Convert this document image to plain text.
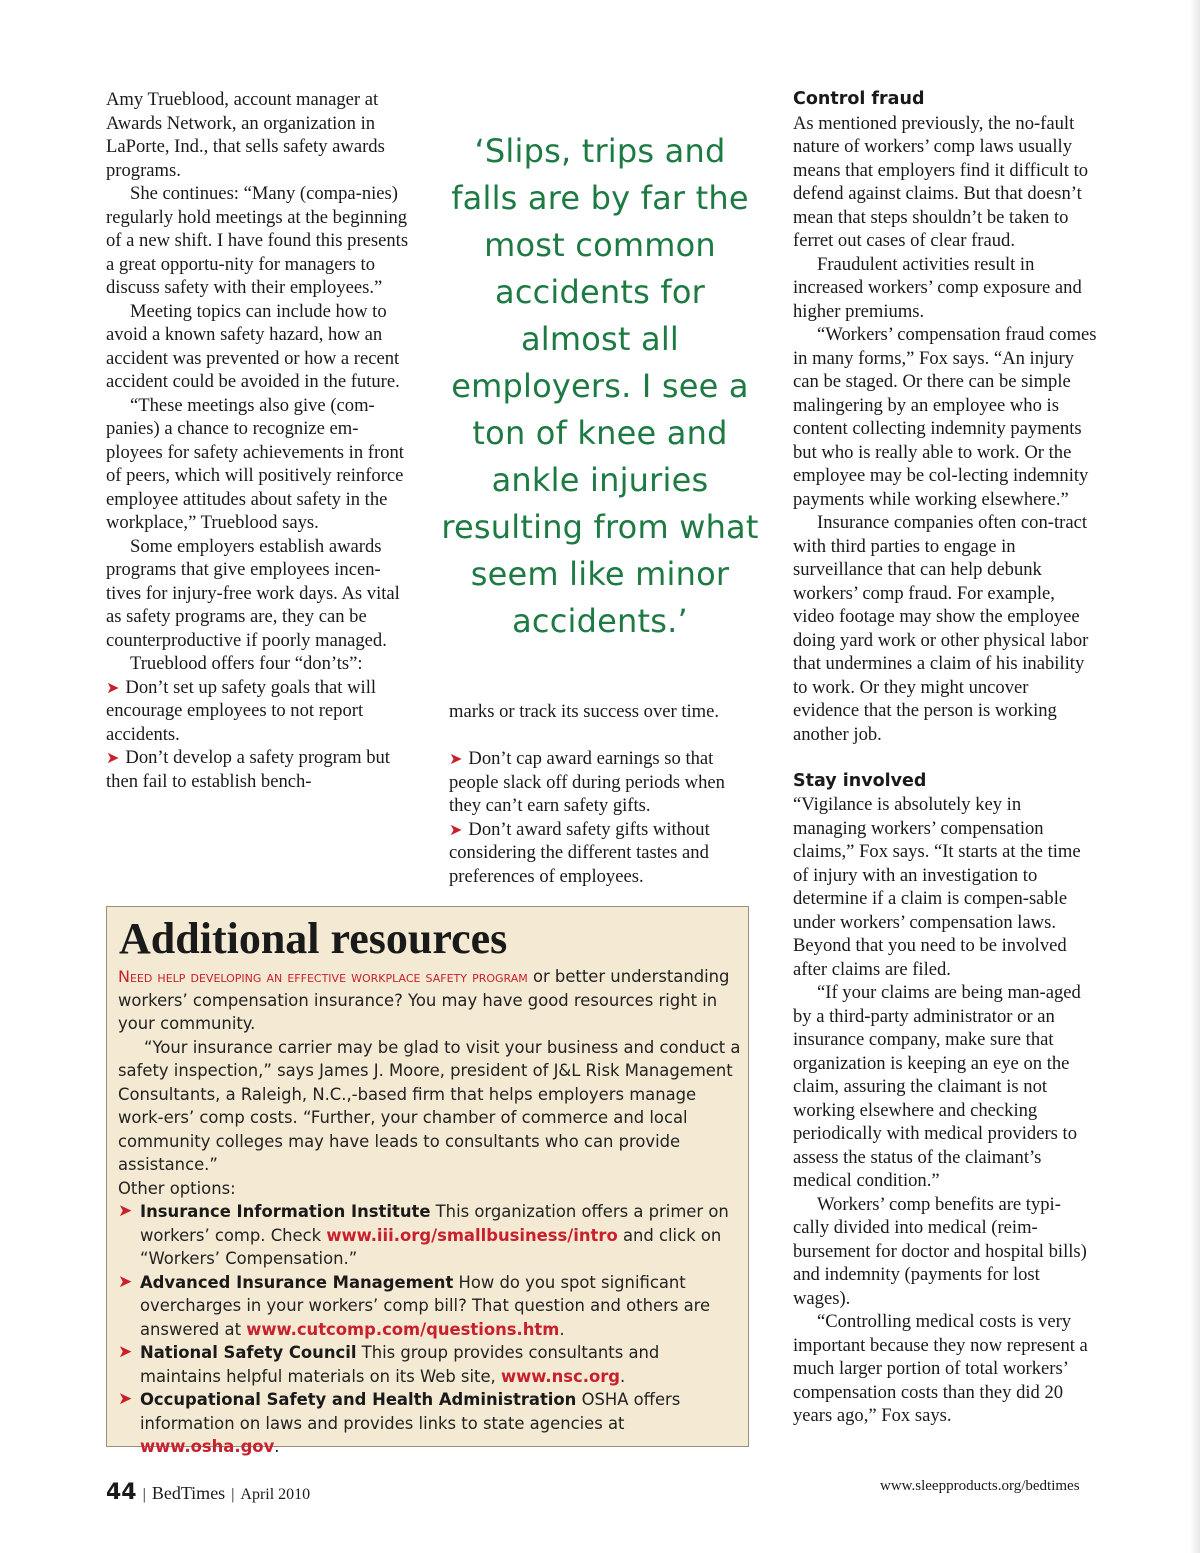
Amy Trueblood, account manager at Awards Network, an organization in LaPorte, Ind., that sells safety awards programs.

She continues: “Many (compa-nies) regularly hold meetings at the beginning of a new shift. I have found this presents a great opportu-nity for managers to discuss safety with their employees.”

Meeting topics can include how to avoid a known safety hazard, how an accident was prevented or how a recent accident could be avoided in the future.

“These meetings also give (com-panies) a chance to recognize em-ployees for safety achievements in front of peers, which will positively reinforce employee attitudes about safety in the workplace,” Trueblood says.

Some employers establish awards programs that give employees incen-tives for injury-free work days. As vital as safety programs are, they can be counterproductive if poorly managed.

Trueblood offers four “don’ts”:

➤ Don’t set up safety goals that will encourage employees to not report accidents.

➤ Don’t develop a safety program but then fail to establish bench-

‘Slips, trips and falls are by far the most common accidents for almost all employers. I see a ton of knee and ankle injuries resulting from what seem like minor accidents.’

marks or track its success over time.

➤ Don’t cap award earnings so that people slack off during periods when they can’t earn safety gifts.

➤ Don’t award safety gifts without considering the different tastes and preferences of employees.

Control fraud

As mentioned previously, the no-fault nature of workers’ comp laws usually means that employers find it difficult to defend against claims. But that doesn’t mean that steps shouldn’t be taken to ferret out cases of clear fraud.

Fraudulent activities result in increased workers’ comp exposure and higher premiums.

“Workers’ compensation fraud comes in many forms,” Fox says. “An injury can be staged. Or there can be simple malingering by an employee who is content collecting indemnity payments but who is really able to work. Or the employee may be col-lecting indemnity payments while working elsewhere.”

Insurance companies often con-tract with third parties to engage in surveillance that can help debunk workers’ comp fraud. For example, video footage may show the employee doing yard work or other physical labor that undermines a claim of his inability to work. Or they might uncover evidence that the person is working another job.

Stay involved

“Vigilance is absolutely key in managing workers’ compensation claims,” Fox says. “It starts at the time of injury with an investigation to determine if a claim is compen-sable under workers’ compensation laws. Beyond that you need to be involved after claims are filed.

“If your claims are being man-aged by a third-party administrator or an insurance company, make sure that organization is keeping an eye on the claim, assuring the claimant is not working elsewhere and checking periodically with medical providers to assess the status of the claimant’s medical condition.”

Workers’ comp benefits are typi-cally divided into medical (reim-bursement for doctor and hospital bills) and indemnity (payments for lost wages).

“Controlling medical costs is very important because they now represent a much larger portion of total workers’ compensation costs than they did 20 years ago,” Fox says.

Additional resources

Need help developing an effective workplace safety program or better understanding workers’ compensation insurance? You may have good resources right in your community.

“Your insurance carrier may be glad to visit your business and conduct a safety inspection,” says James J. Moore, president of J&L Risk Management Consultants, a Raleigh, N.C.,-based firm that helps employers manage work-ers’ comp costs. “Further, your chamber of commerce and local community colleges may have leads to consultants who can provide assistance.”

Other options:

➤ Insurance Information Institute This organization offers a primer on workers’ comp. Check www.iii.org/smallbusiness/intro and click on “Workers’ Compensation.”

➤ Advanced Insurance Management How do you spot significant overcharges in your workers’ comp bill? That question and others are answered at www.cutcomp.com/questions.htm.

➤ National Safety Council This group provides consultants and maintains helpful materials on its Web site, www.nsc.org.

➤ Occupational Safety and Health Administration OSHA offers information on laws and provides links to state agencies at www.osha.gov.

44 | BedTimes | April 2010	www.sleepproducts.org/bedtimes
